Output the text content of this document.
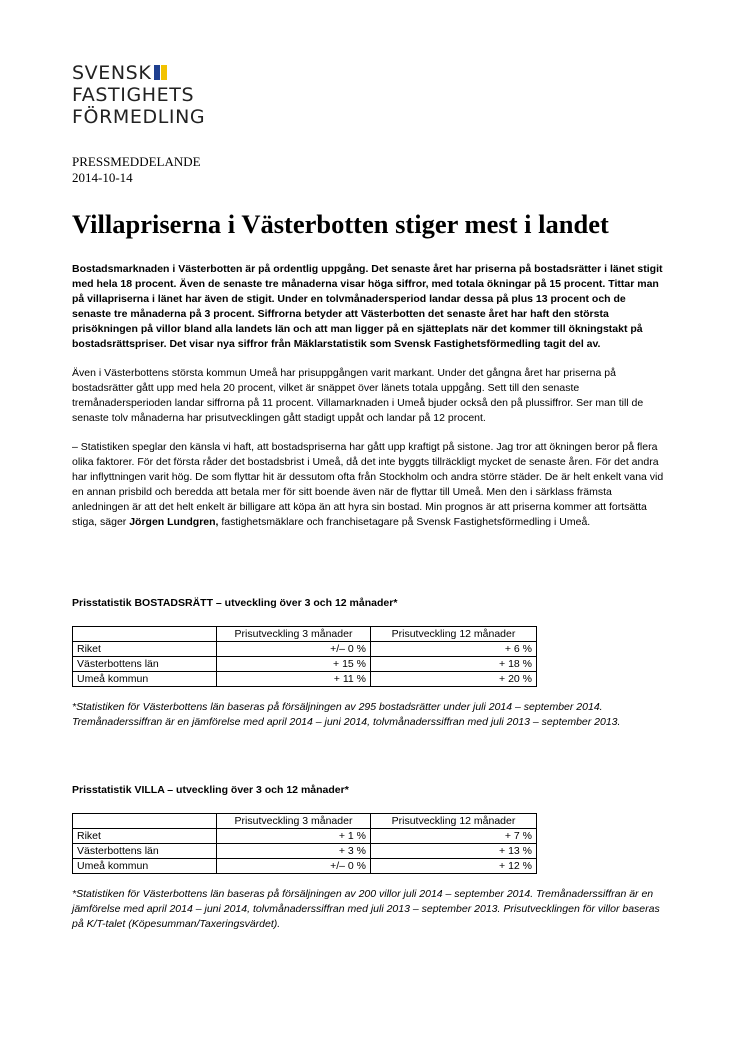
SVENSK
FASTIGHETS
FÖRMEDLING
PRESSMEDDELANDE
2014-10-14
Villapriserna i Västerbotten stiger mest i landet

Bostadsmarknaden i Västerbotten är på ordentlig uppgång. Det senaste året har priserna på bostadsrätter i länet stigit med hela 18 procent. Även de senaste tre månaderna visar höga siffror, med totala ökningar på 15 procent. Tittar man på villapriserna i länet har även de stigit. Under en tolvmånadersperiod landar dessa på plus 13 procent och de senaste tre månaderna på 3 procent. Siffrorna betyder att Västerbotten det senaste året har haft den största prisökningen på villor bland alla landets län och att man ligger på en sjätteplats när det kommer till ökningstakt på bostadsrättspriser. Det visar nya siffror från Mäklarstatistik som Svensk Fastighetsförmedling tagit del av.

Även i Västerbottens största kommun Umeå har prisuppgången varit markant. Under det gångna året har priserna på bostadsrätter gått upp med hela 20 procent, vilket är snäppet över länets totala uppgång. Sett till den senaste tremånadersperioden landar siffrorna på 11 procent. Villamarknaden i Umeå bjuder också den på plussiffror. Ser man till de senaste tolv månaderna har prisutvecklingen gått stadigt uppåt och landar på 12 procent.

– Statistiken speglar den känsla vi haft, att bostadspriserna har gått upp kraftigt på sistone. Jag tror att ökningen beror på flera olika faktorer. För det första råder det bostadsbrist i Umeå, då det inte byggts tillräckligt mycket de senaste åren. För det andra har inflyttningen varit hög. De som flyttar hit är dessutom ofta från Stockholm och andra större städer. De är helt enkelt vana vid en annan prisbild och beredda att betala mer för sitt boende även när de flyttar till Umeå. Men den i särklass främsta anledningen är att det helt enkelt är billigare att köpa än att hyra sin bostad. Min prognos är att priserna kommer att fortsätta stiga, säger Jörgen Lundgren, fastighetsmäklare och franchisetagare på Svensk Fastighetsförmedling i Umeå.

Prisstatistik BOSTADSRÄTT – utveckling över 3 och 12 månader*

	Prisutveckling 3 månader	Prisutveckling 12 månader
Riket	+/– 0 %	+ 6 %
Västerbottens län	+ 15 %	+ 18 %
Umeå kommun	+ 11 %	+ 20 %
*Statistiken för Västerbottens län baseras på försäljningen av 295 bostadsrätter under juli 2014 – september 2014. Tremånaderssiffran är en jämförelse med april 2014 – juni 2014, tolvmånaderssiffran med juli 2013 – september 2013.

Prisstatistik VILLA – utveckling över 3 och 12 månader*

	Prisutveckling 3 månader	Prisutveckling 12 månader
Riket	+ 1 %	+ 7 %
Västerbottens län	+ 3 %	+ 13 %
Umeå kommun	+/– 0 %	+ 12 %
*Statistiken för Västerbottens län baseras på försäljningen av 200 villor juli 2014 – september 2014. Tremånaderssiffran är en jämförelse med april 2014 – juni 2014, tolvmånaderssiffran med juli 2013 – september 2013. Prisutvecklingen för villor baseras på K/T-talet (Köpesumman/Taxeringsvärdet).
